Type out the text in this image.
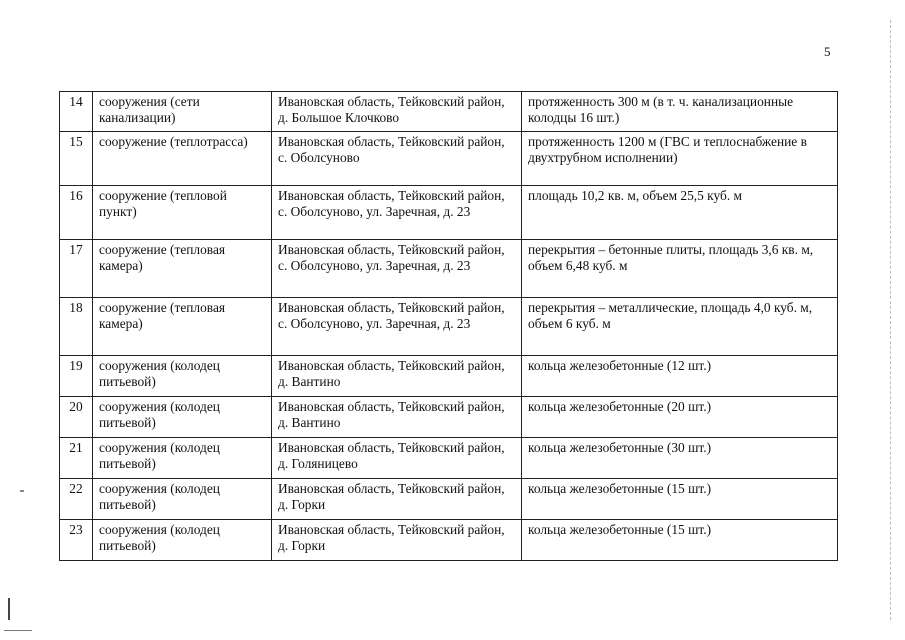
5
14	сооружения (сети канализации)	Ивановская область, Тейковский район, д. Большое Клочково	протяженность 300 м (в т. ч. канализационные колодцы 16 шт.)
15	сооружение (теплотрасса)	Ивановская область, Тейковский район, с. Оболсуново	протяженность 1200 м (ГВС и теплоснабжение в двухтрубном исполнении)
16	сооружение (тепловой пункт)	Ивановская область, Тейковский район, с. Оболсуново, ул. Заречная, д. 23	площадь 10,2 кв. м, объем 25,5 куб. м
17	сооружение (тепловая камера)	Ивановская область, Тейковский район, с. Оболсуново, ул. Заречная, д. 23	перекрытия – бетонные плиты, площадь 3,6 кв. м, объем 6,48 куб. м
18	сооружение (тепловая камера)	Ивановская область, Тейковский район, с. Оболсуново, ул. Заречная, д. 23	перекрытия – металлические, площадь 4,0 куб. м, объем 6 куб. м
19	сооружения (колодец питьевой)	Ивановская область, Тейковский район, д. Вантино	кольца железобетонные (12 шт.)
20	сооружения (колодец питьевой)	Ивановская область, Тейковский район, д. Вантино	кольца железобетонные (20 шт.)
21	сооружения (колодец питьевой)	Ивановская область, Тейковский район, д. Голяницево	кольца железобетонные (30 шт.)
22	сооружения (колодец питьевой)	Ивановская область, Тейковский район, д. Горки	кольца железобетонные (15 шт.)
23	сооружения (колодец питьевой)	Ивановская область, Тейковский район, д. Горки	кольца железобетонные (15 шт.)
